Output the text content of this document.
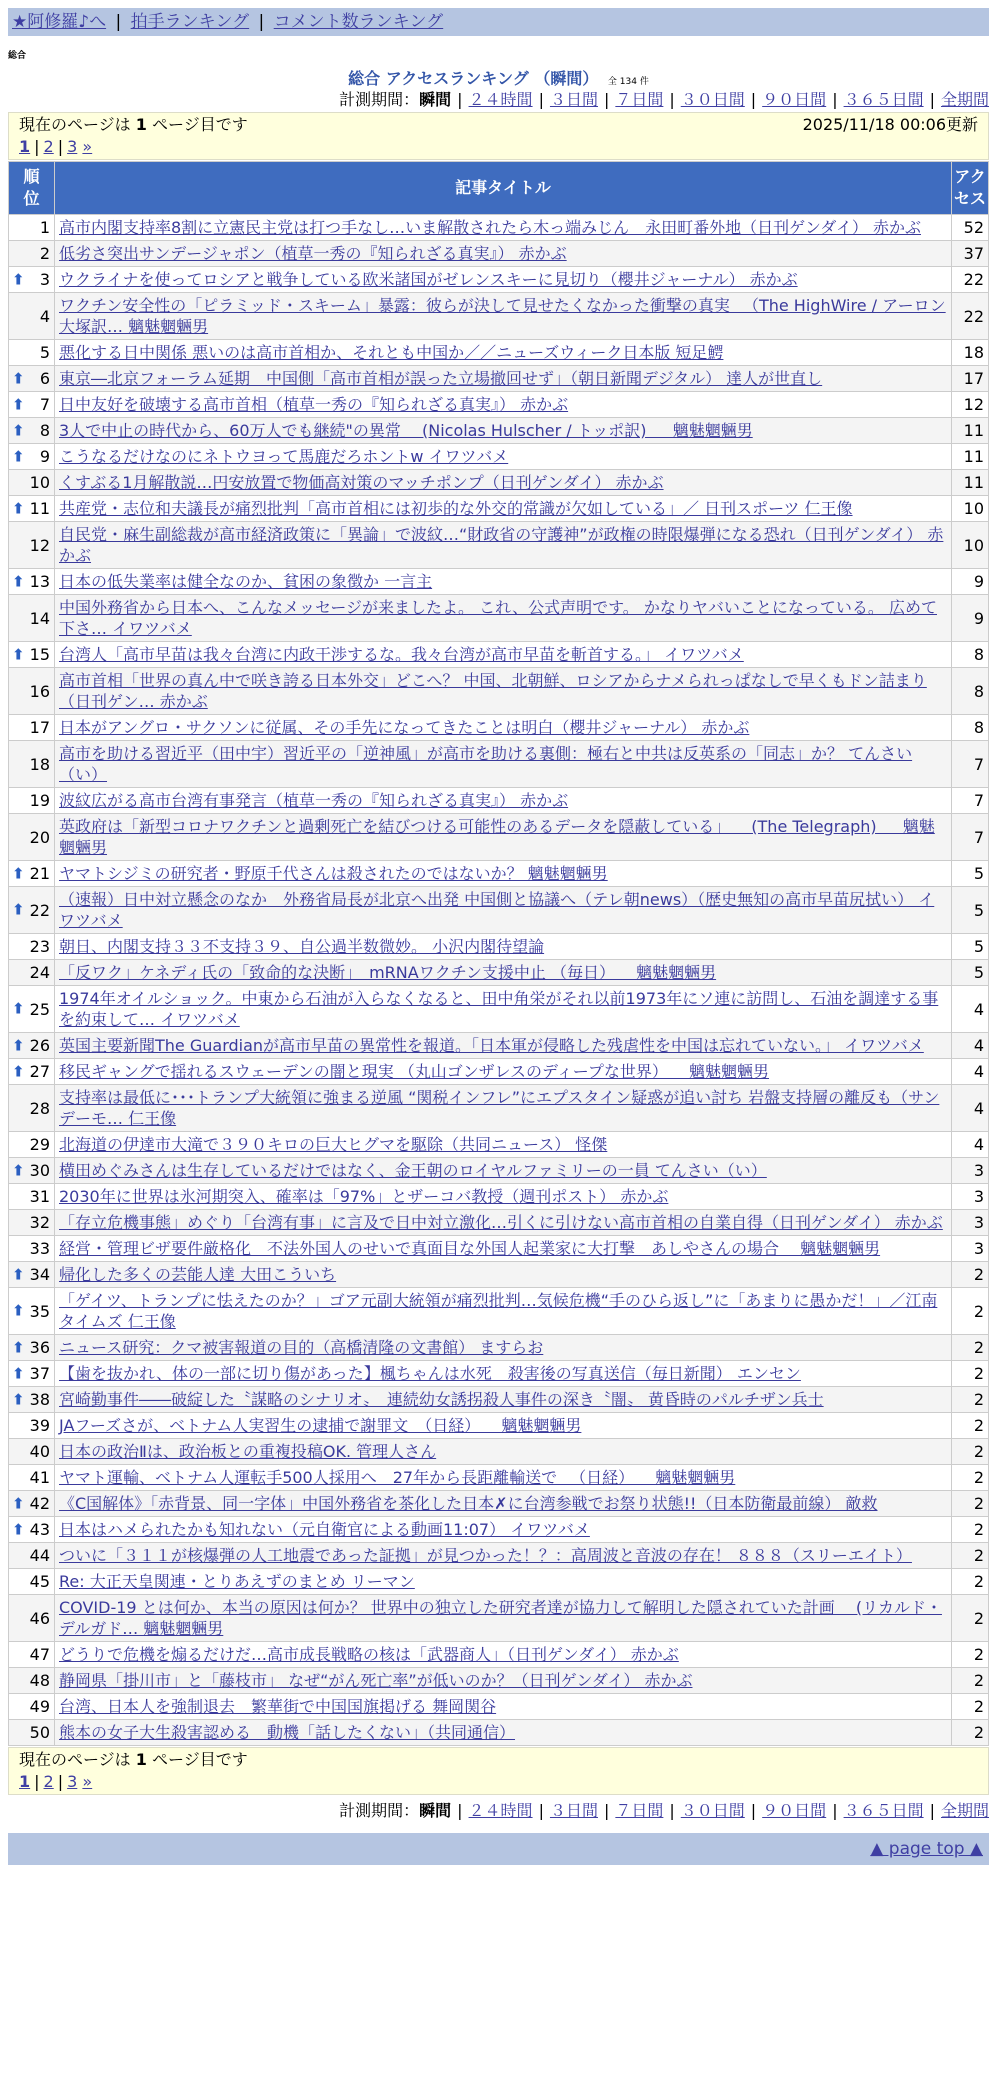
★阿修羅♪へ | 拍手ランキング | コメント数ランキング
総合
総合 アクセスランキング （瞬間） 全 134 件
計測期間：瞬間 | ２４時間 | ３日間 | ７日間 | ３０日間 | ９０日間 | ３６５日間 | 全期間
現在のページは 1 ページ目です	2025/11/18 00:06更新
1 | 2 | 3 »
順
位	記事タイトル	アク
セス
1	高市内閣支持率8割に立憲民主党は打つ手なし…いま解散されたら木っ端みじん　永田町番外地（日刊ゲンダイ） 赤かぶ	52
2	低劣さ突出サンデージャポン（植草一秀の『知られざる真実』） 赤かぶ	37

⬆ 3	ウクライナを使ってロシアと戦争している欧米諸国がゼレンスキーに見切り（櫻井ジャーナル） 赤かぶ	22
4	ワクチン安全性の「ピラミッド・スキーム」暴露：彼らが決して見せたくなかった衝撃の真実 　（The HighWire / アーロン大塚訳… 魑魅魍魎男	22
5	悪化する日中関係 悪いのは高市首相か、それとも中国か／／ニューズウィーク日本版 短足鰐	18

⬆ 6	東京―北京フォーラム延期　中国側「高市首相が誤った立場撤回せず」（朝日新聞デジタル） 達人が世直し	17

⬆ 7	日中友好を破壊する高市首相（植草一秀の『知られざる真実』） 赤かぶ	12

⬆ 8	3人で中止の時代から、60万人でも継続"の異常 　(Nicolas Hulscher / トッポ訳) 　 魑魅魍魎男	11

⬆ 9	こうなるだけなのにネトウヨって馬鹿だろホントw イワツバメ	11
10	くすぶる1月解散説…円安放置で物価高対策のマッチポンプ（日刊ゲンダイ） 赤かぶ	11

⬆ 11	共産党・志位和夫議長が痛烈批判「高市首相には初歩的な外交的常識が欠如している」／ 日刊スポーツ 仁王像	10
12	自民党・麻生副総裁が高市経済政策に「異論」で波紋…“財政省の守護神”が政権の時限爆弾になる恐れ（日刊ゲンダイ） 赤かぶ	10

⬆ 13	日本の低失業率は健全なのか、貧困の象徴か 一言主	9
14	中国外務省から日本へ、こんなメッセージが来ましたよ。 これ、公式声明です。 かなりヤバいことになっている。 広めて下さ… イワツバメ	9

⬆ 15	台湾人「高市早苗は我々台湾に内政干渉するな。我々台湾が高市早苗を斬首する。」 イワツバメ	8
16	高市首相「世界の真ん中で咲き誇る日本外交」どこへ？ 中国、北朝鮮、ロシアからナメられっぱなしで早くもドン詰まり（日刊ゲン… 赤かぶ	8
17	日本がアングロ・サクソンに従属、その手先になってきたことは明白（櫻井ジャーナル） 赤かぶ	8
18	高市を助ける習近平（田中宇）習近平の「逆神風」が高市を助ける裏側：極右と中共は反英系の「同志」か？ てんさい（い）	7
19	波紋広がる高市台湾有事発言（植草一秀の『知られざる真実』） 赤かぶ	7
20	英政府は「新型コロナワクチンと過剰死亡を結びつける可能性のあるデータを隠蔽している」 　(The Telegraph) 　 魑魅魍魎男	7

⬆ 21	ヤマトシジミの研究者・野原千代さんは殺されたのではないか？ 魑魅魍魎男	5

⬆ 22	（速報）日中対立懸念のなか　外務省局長が北京へ出発 中国側と協議へ（テレ朝news）（歴史無知の高市早苗尻拭い） イワツバメ	5
23	朝日、内閣支持３３不支持３９、自公過半数微妙。 小沢内閣待望論	5
24	「反ワク」ケネディ氏の「致命的な決断」　mRNAワクチン支援中止 （毎日） 　魑魅魍魎男	5

⬆ 25	1974年オイルショック。中東から石油が入らなくなると、田中角栄がそれ以前1973年にソ連に訪問し、石油を調達する事を約束して… イワツバメ	4

⬆ 26	英国主要新聞The Guardianが高市早苗の異常性を報道。「日本軍が侵略した残虐性を中国は忘れていない。」 イワツバメ	4

⬆ 27	移民ギャングで揺れるスウェーデンの闇と現実 （丸山ゴンザレスのディープな世界） 　魑魅魍魎男	4
28	支持率は最低に･･･トランプ大統領に強まる逆風 “関税インフレ”にエプスタイン疑惑が追い討ち 岩盤支持層の離反も（サンデーモ… 仁王像	4
29	北海道の伊達市大滝で３９０キロの巨大ヒグマを駆除（共同ニュース） 怪傑	4

⬆ 30	横田めぐみさんは生存しているだけではなく、金王朝のロイヤルファミリーの一員 てんさい（い）	3
31	2030年に世界は氷河期突入、確率は「97%」とザーコバ教授（週刊ポスト） 赤かぶ	3
32	「存立危機事態」めぐり「台湾有事」に言及で日中対立激化…引くに引けない高市首相の自業自得（日刊ゲンダイ） 赤かぶ	3
33	経営・管理ビザ要件厳格化　不法外国人のせいで真面目な外国人起業家に大打撃　あしやさんの場合 　魑魅魍魎男	3

⬆ 34	帰化した多くの芸能人達 大田こういち	2

⬆ 35	「ゲイツ、トランプに怯えたのか？」ゴア元副大統領が痛烈批判…気候危機“手のひら返し”に「あまりに愚かだ！」／江南タイムズ 仁王像	2

⬆ 36	ニュース研究：クマ被害報道の目的（高橋清隆の文書館） ますらお	2

⬆ 37	【歯を抜かれ、体の一部に切り傷があった】楓ちゃんは水死　殺害後の写真送信（毎日新聞） エンセン	2

⬆ 38	宮崎勤事件――破綻した〝謀略のシナリオ〟　連続幼女誘拐殺人事件の深き〝闇〟 黄昏時のパルチザン兵士	2
39	JAフーズさが、ベトナム人実習生の逮捕で謝罪文　（日経） 　魑魅魍魎男	2
40	日本の政治Ⅱは、政治板との重複投稿OK. 管理人さん	2
41	ヤマト運輸、ベトナム人運転手500人採用へ　27年から長距離輸送で 　（日経） 　魑魅魍魎男	2

⬆ 42	《C国解体》「赤背景、同一字体」中国外務省を茶化した日本✗に台湾参戦でお祭り状態!!（日本防衛最前線） 敵救	2

⬆ 43	日本はハメられたかも知れない（元自衛官による動画11:07） イワツバメ	2
44	ついに「３１１が核爆弾の人工地震であった証拠」が見つかった！？：高周波と音波の存在！ ８８８（スリーエイト）	2
45	Re: 大正天皇関連・とりあえずのまとめ リーマン	2
46	COVID-19 とは何か、本当の原因は何か？ 世界中の独立した研究者達が協力して解明した隠されていた計画 　(リカルド・デルガド… 魑魅魍魎男	2
47	どうりで危機を煽るだけだ…高市成長戦略の核は「武器商人」（日刊ゲンダイ） 赤かぶ	2
48	静岡県「掛川市」と「藤枝市」 なぜ“がん死亡率”が低いのか？（日刊ゲンダイ） 赤かぶ	2
49	台湾、日本人を強制退去　繁華街で中国国旗掲げる 舞岡関谷	2
50	熊本の女子大生殺害認める　動機「話したくない」（共同通信）	2
現在のページは 1 ページ目です
1 | 2 | 3 »
計測期間：瞬間 | ２４時間 | ３日間 | ７日間 | ３０日間 | ９０日間 | ３６５日間 | 全期間
▲ page top ▲
